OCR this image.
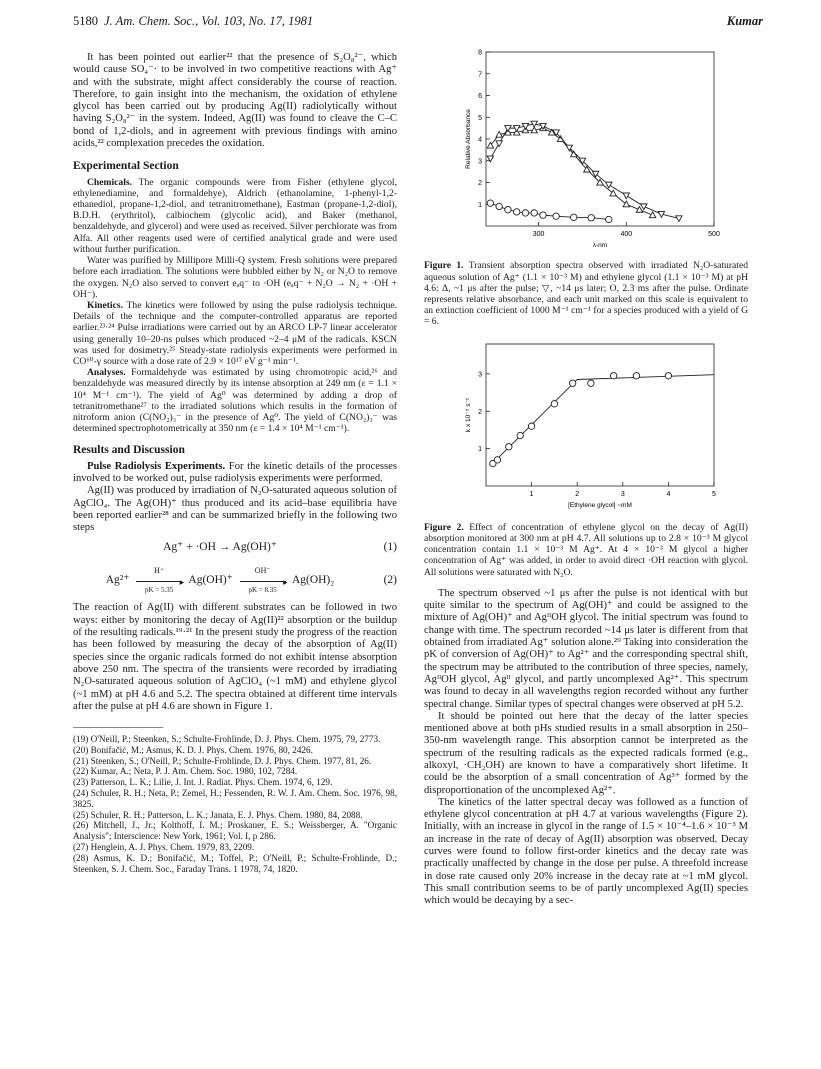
5180 J. Am. Chem. Soc., Vol. 103, No. 17, 1981	Kumar

It has been pointed out earlier²² that the presence of S₂O₈²⁻, which would cause SO₄⁻· to be involved in two competitive reactions with Ag⁺ and with the substrate, might affect considerably the course of reaction. Therefore, to gain insight into the mechanism, the oxidation of ethylene glycol has been carried out by producing Ag(II) radiolytically without having S₂O₈²⁻ in the system. Indeed, Ag(II) was found to cleave the C–C bond of 1,2-diols, and in agreement with previous findings with amino acids,²² complexation precedes the oxidation.

Experimental Section

Chemicals. The organic compounds were from Fisher (ethylene glycol, ethylenediamine, and formaldehye), Aldrich (ethanolamine, 1-phenyl-1,2-ethanediol, propane-1,2-diol, and tetranitromethane), Eastman (propane-1,2-diol), B.D.H. (erythritol), calbiochem (glycolic acid), and Baker (methanol, benzaldehyde, and glycerol) and were used as received. Silver perchlorate was from Alfa. All other reagents used were of certified analytical grade and were used without further purification.

Water was purified by Millipore Milli-Q system. Fresh solutions were prepared before each irradiation. The solutions were bubbled either by N₂ or N₂O to remove the oxygen. N₂O also served to convert eₐq⁻ to ·OH (eₐq⁻ + N₂O → N₂ + ·OH + OH⁻).

Kinetics. The kinetics were followed by using the pulse radiolysis technique. Details of the technique and the computer-controlled apparatus are reported earlier.²³·²⁴ Pulse irradiations were carried out by an ARCO LP-7 linear accelerator using generally 10–20-ns pulses which produced ~2–4 μM of the radicals. KSCN was used for dosimetry.²⁵ Steady-state radiolysis experiments were performed in CO⁶⁰-γ source with a dose rate of 2.9 × 10¹⁷ eV g⁻¹ min⁻¹.

Analyses. Formaldehyde was estimated by using chromotropic acid,²⁶ and benzaldehyde was measured directly by its intense absorption at 249 nm (ε = 1.1 × 10⁴ M⁻¹ cm⁻¹). The yield of Ag⁰ was determined by adding a drop of tetranitromethane²⁷ to the irradiated solutions which results in the formation of nitroform anion (C(NO₂)₃⁻ in the presence of Ag⁰. The yield of C(NO₂)₃⁻ was determined spectrophotometrically at 350 nm (ε = 1.4 × 10⁴ M⁻¹ cm⁻¹).

Results and Discussion

Pulse Radiolysis Experiments. For the kinetic details of the processes involved to be worked out, pulse radiolysis experiments were performed.

Ag(II) was produced by irradiation of N₂O-saturated aqueous solution of AgClO₄. The Ag(OH)⁺ thus produced and its acid–base equilibria have been reported earlier²⁸ and can be summarized briefly in the following two steps

Ag⁺ + ·OH → Ag(OH)⁺	(1)
Ag²⁺
H⁺
▸
pK = 5.35
Ag(OH)⁺
OH⁻
▸
pK = 8.35
Ag(OH)₂	(2)

The reaction of Ag(II) with different substrates can be followed in two ways: either by monitoring the decay of Ag(II)²² absorption or the buildup of the resulting radicals.¹⁹·²¹ In the present study the progress of the reaction has been followed by measuring the decay of the absorption of Ag(II) species since the organic radicals formed do not exhibit intense absorption above 250 nm. The spectra of the transients were recorded by irradiating N₂O-saturated aqueous solution of AgClO₄ (~1 mM) and ethylene glycol (~1 mM) at pH 4.6 and 5.2. The spectra obtained at different time intervals after the pulse at pH 4.6 are shown in Figure 1.

(19) O'Neill, P.; Steenken, S.; Schulte-Frohlinde, D. J. Phys. Chem. 1975, 79, 2773.
(20) Bonifačić, M.; Asmus, K. D. J. Phys. Chem. 1976, 80, 2426.
(21) Steenken, S.; O'Neill, P.; Schulte-Frohlinde, D. J. Phys. Chem. 1977, 81, 26.
(22) Kumar, A.; Neta, P. J. Am. Chem. Soc. 1980, 102, 7284.
(23) Patterson, L. K.; Lilie, J. Int. J. Radiat. Phys. Chem. 1974, 6, 129.
(24) Schuler, R. H.; Neta, P.; Zemel, H.; Fessenden, R. W. J. Am. Chem. Soc. 1976, 98, 3825.
(25) Schuler, R. H.; Patterson, L. K.; Janata, E. J. Phys. Chem. 1980, 84, 2088.
(26) Mitchell, J., Jr.; Kolthoff, I. M.; Proskauer, E. S.; Weissberger, A. "Organic Analysis"; Interscience: New York, 1961; Vol. I, p 286.
(27) Henglein, A. J. Phys. Chem. 1979, 83, 2209.
(28) Asmus, K. D.; Bonifačić, M.; Toffel, P.; O'Neill, P.; Schulte-Frohlinde, D.; Steenken, S. J. Chem. Soc., Faraday Trans. 1 1978, 74, 1820.
300	400	500
1
2
3
4
5
6
7
8
λ-nm
Relative Absorbance
Figure 1. Transient absorption spectra observed with irradiated N₂O-saturated aqueous solution of Ag⁺ (1.1 × 10⁻³ M) and ethylene glycol (1.1 × 10⁻³ M) at pH 4.6: Δ, ~1 μs after the pulse; ▽, ~14 μs later; O, 2.3 ms after the pulse. Ordinate represents relative absorbance, and each unit marked on this scale is equivalent to an extinction coefficient of 1000 M⁻¹ cm⁻¹ for a species produced with a yield of G = 6.
1	2	3	4	5
1
2
3
[Ethylene glycol] ~mM
k x 10⁻⁵ s⁻¹
Figure 2. Effect of concentration of ethylene glycol on the decay of Ag(II) absorption monitored at 300 nm at pH 4.7. All solutions up to 2.8 × 10⁻³ M glycol concentration contain 1.1 × 10⁻³ M Ag⁺. At 4 × 10⁻³ M glycol a higher concentration of Ag⁺ was added, in order to avoid direct ·OH reaction with glycol. All solutions were saturated with N₂O.

The spectrum observed ~1 μs after the pulse is not identical with but quite similar to the spectrum of Ag(OH)⁺ and could be assigned to the mixture of Ag(OH)⁺ and AgᴵᴵOH glycol. The initial spectrum was found to change with time. The spectrum recorded ~14 μs later is different from that obtained from irradiated Ag⁺ solution alone.²⁹ Taking into consideration the pK of conversion of Ag(OH)⁺ to Ag²⁺ and the corresponding spectral shift, the spectrum may be attributed to the contribution of three species, namely, AgᴵᴵOH glycol, Agᴵᴵ glycol, and partly uncomplexed Ag²⁺. This spectrum was found to decay in all wavelengths region recorded without any further spectral change. Similar types of spectral changes were observed at pH 5.2.

It should be pointed out here that the decay of the latter species mentioned above at both pHs studied results in a small absorption in 250–350-nm wavelength range. This absorption cannot be interpreted as the spectrum of the resulting radicals as the expected radicals formed (e.g., alkoxyl, ·CH₂OH) are known to have a comparatively short lifetime. It could be the absorption of a small concentration of Ag³⁺ formed by the disproportionation of the uncomplexed Ag²⁺.

The kinetics of the latter spectral decay was followed as a function of ethylene glycol concentration at pH 4.7 at various wavelengths (Figure 2). Initially, with an increase in glycol in the range of 1.5 × 10⁻⁴–1.6 × 10⁻³ M an increase in the rate of decay of Ag(II) absorption was observed. Decay curves were found to follow first-order kinetics and the decay rate was practically unaffected by change in the dose per pulse. A threefold increase in dose rate caused only 20% increase in the decay rate at ~1 mM glycol. This small contribution seems to be of partly uncomplexed Ag(II) species which would be decaying by a sec-
